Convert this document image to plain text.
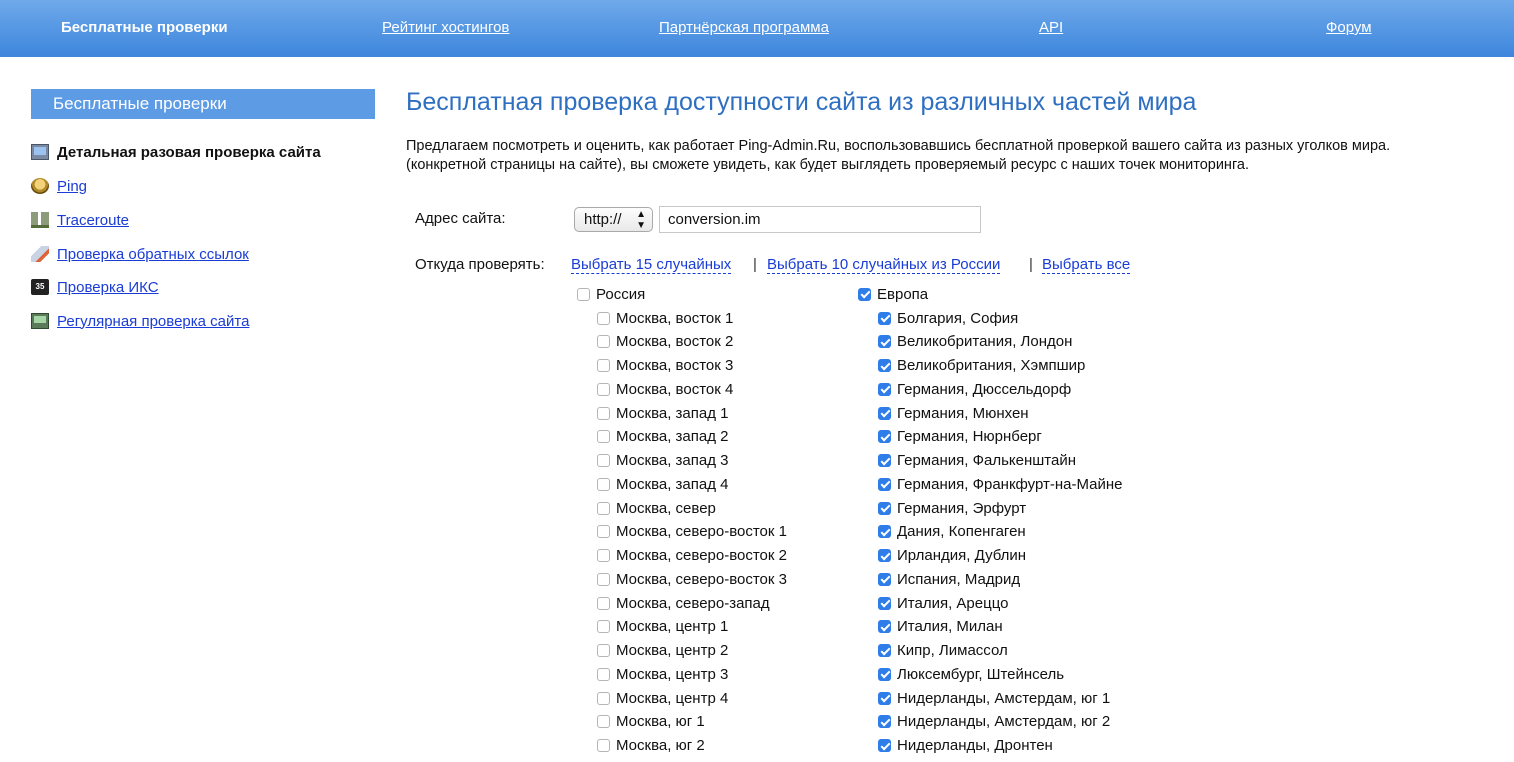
Бесплатные проверки	Рейтинг хостингов	Партнёрская программа	API	Форум
Бесплатные проверки
Детальная разовая проверка сайта
Ping
Traceroute
Проверка обратных ссылок
35 Проверка ИКС
Регулярная проверка сайта
Бесплатная проверка доступности сайта из различных частей мира
Предлагаем посмотреть и оценить, как работает Ping-Admin.Ru, воспользовавшись бесплатной проверкой вашего сайта из разных уголков мира.
(конкретной страницы на сайте), вы сможете увидеть, как будет выглядеть проверяемый ресурс с наших точек мониторинга.
Адрес сайта:	http:// ▲
▼
conversion.im
Откуда проверять: Выбрать 15 случайных | Выбрать 10 случайных из России | Выбрать все
Россия	Европа
Москва, восток 1
Москва, восток 2
Москва, восток 3
Москва, восток 4
Москва, запад 1
Москва, запад 2
Москва, запад 3
Москва, запад 4
Москва, север
Москва, северо-восток 1
Москва, северо-восток 2
Москва, северо-восток 3
Москва, северо-запад
Москва, центр 1
Москва, центр 2
Москва, центр 3
Москва, центр 4
Москва, юг 1
Москва, юг 2
Болгария, София
Великобритания, Лондон
Великобритания, Хэмпшир
Германия, Дюссельдорф
Германия, Мюнхен
Германия, Нюрнберг
Германия, Фалькенштайн
Германия, Франкфурт-на-Майне
Германия, Эрфурт
Дания, Копенгаген
Ирландия, Дублин
Испания, Мадрид
Италия, Ареццо
Италия, Милан
Кипр, Лимассол
Люксембург, Штейнсель
Нидерланды, Амстердам, юг 1
Нидерланды, Амстердам, юг 2
Нидерланды, Дронтен
